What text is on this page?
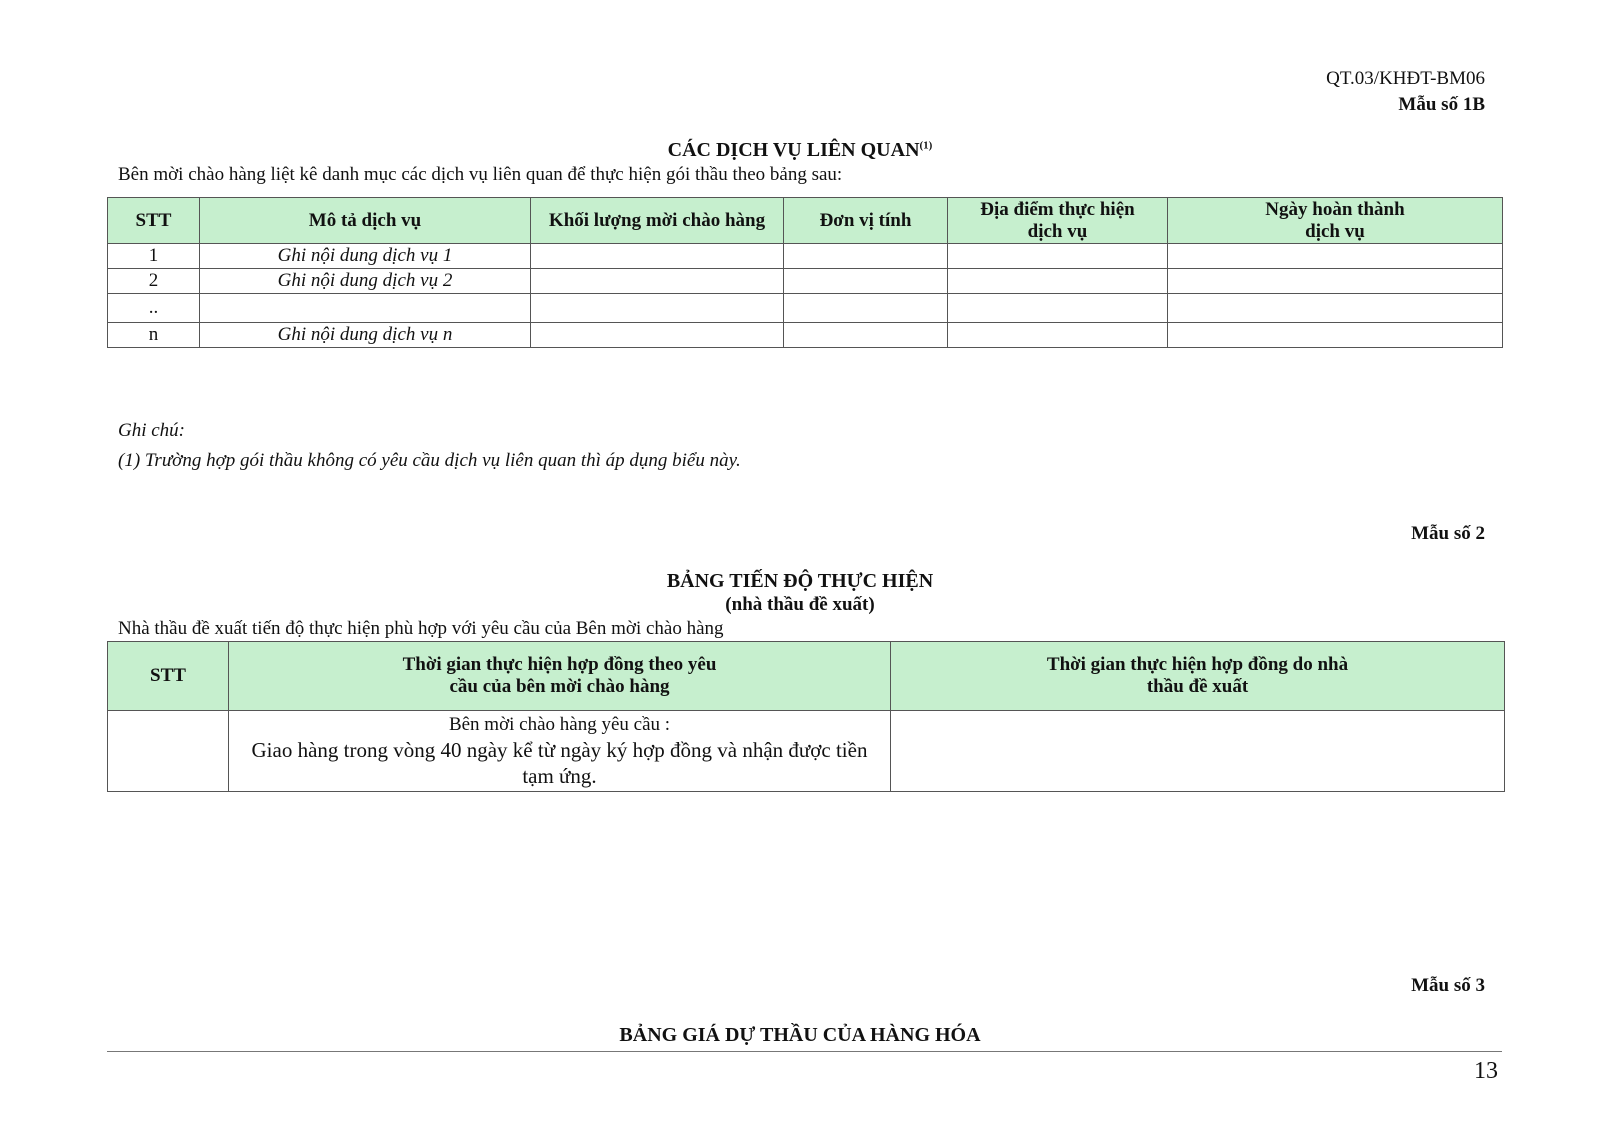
QT.03/KHĐT-BM06
Mẫu số 1B
CÁC DỊCH VỤ LIÊN QUAN$^{(1)}$
Bên mời chào hàng liệt kê danh mục các dịch vụ liên quan để thực hiện gói thầu theo bảng sau:
STT	Mô tả dịch vụ	Khối lượng mời chào hàng	Đơn vị tính	Địa điểm thực hiện dịch vụ	Ngày hoàn thành dịch vụ

1	Ghi nội dung dịch vụ 1				
2	Ghi nội dung dịch vụ 2				
..					
n	Ghi nội dung dịch vụ n				
Ghi chú:
(1) Trường hợp gói thầu không có yêu cầu dịch vụ liên quan thì áp dụng biểu này.
Mẫu số 2
BẢNG TIẾN ĐỘ THỰC HIỆN
(nhà thầu đề xuất)
Nhà thầu đề xuất tiến độ thực hiện phù hợp với yêu cầu của Bên mời chào hàng
STT	Thời gian thực hiện hợp đồng theo yêu cầu của bên mời chào hàng	Thời gian thực hiện hợp đồng do nhà thầu đề xuất

	Bên mời chào hàng yêu cầu :
Giao hàng trong vòng 40 ngày kể từ ngày ký hợp đồng và nhận được tiền tạm ứng.	

Mẫu số 3
BẢNG GIÁ DỰ THẦU CỦA HÀNG HÓA
13
